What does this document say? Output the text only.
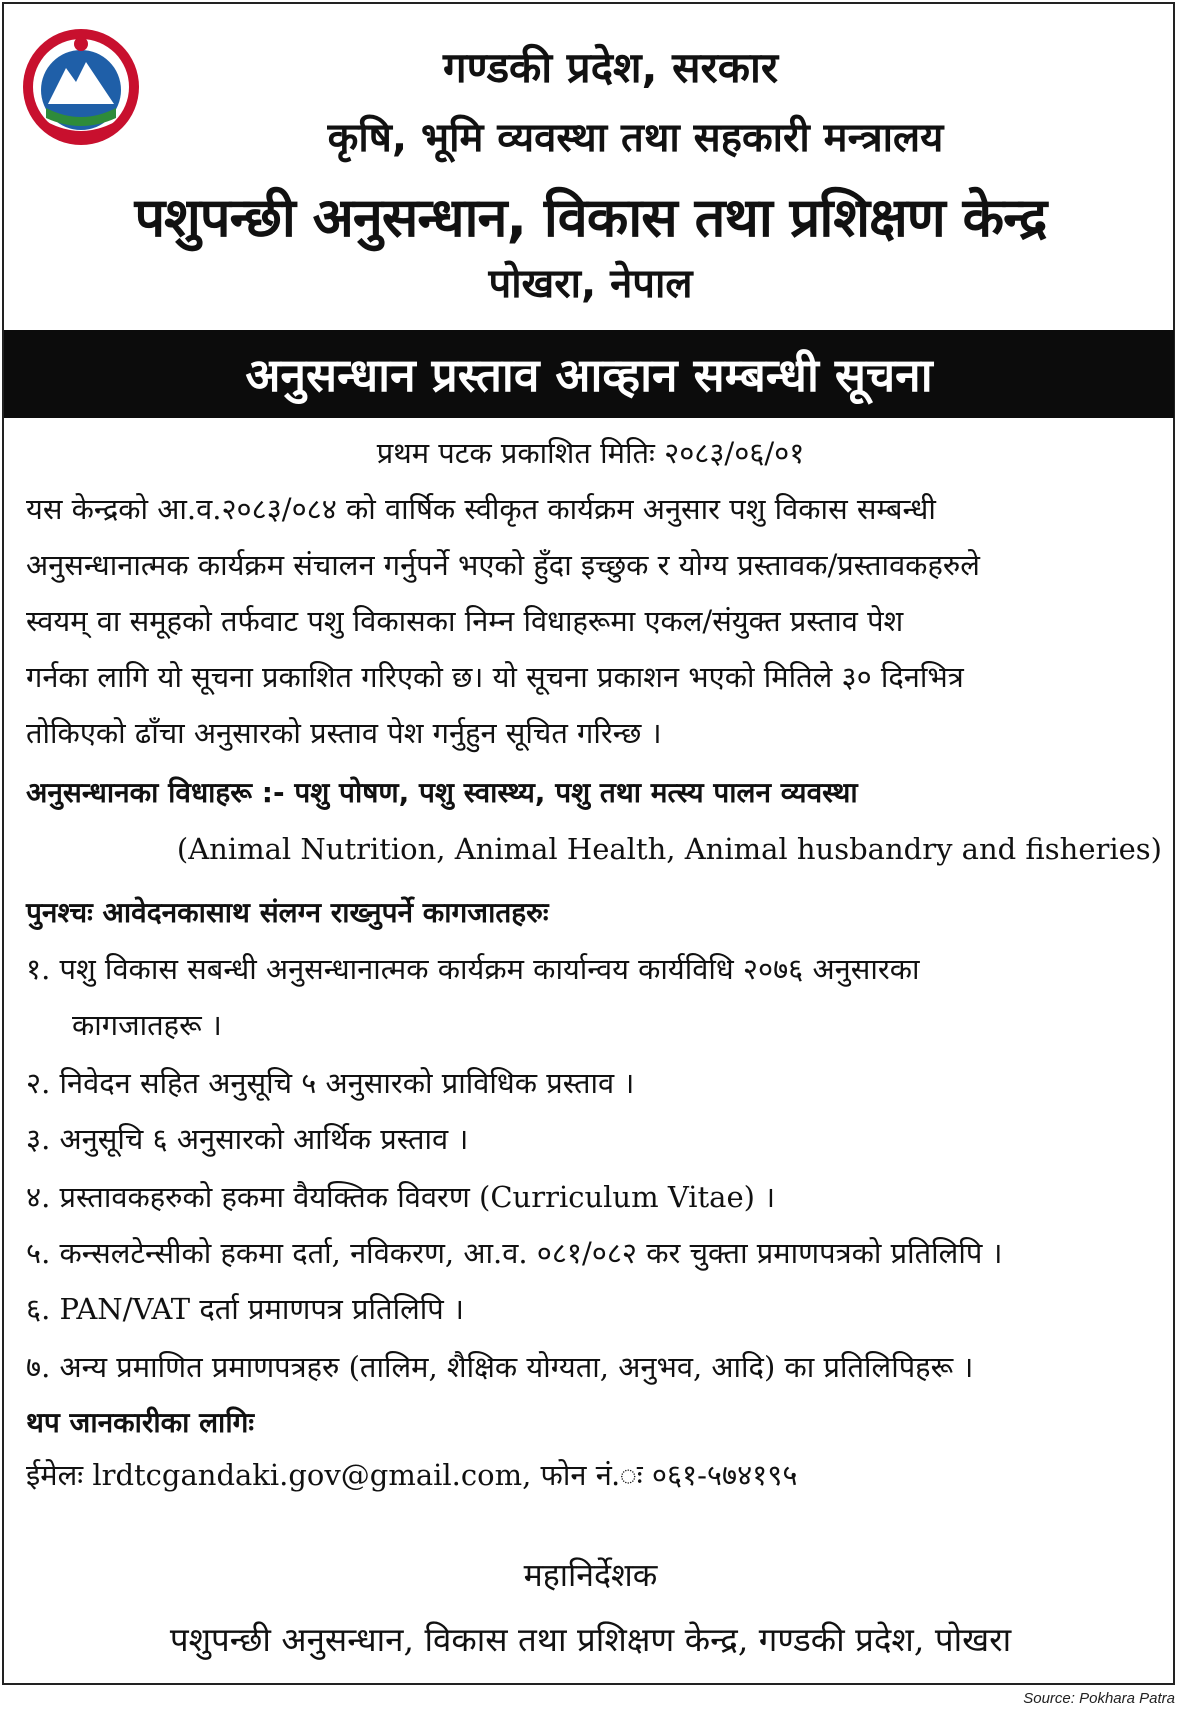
गण्डकी प्रदेश, सरकार
कृषि, भूमि व्यवस्था तथा सहकारी मन्त्रालय
पशुपन्छी अनुसन्धान, विकास तथा प्रशिक्षण केन्द्र
पोखरा, नेपाल
अनुसन्धान प्रस्ताव आव्हान सम्बन्धी सूचना
प्रथम पटक प्रकाशित मितिः २०८३/०६/०१
यस केन्द्रको आ.व.२०८३/०८४ को वार्षिक स्वीकृत कार्यक्रम अनुसार पशु विकास सम्बन्धी
अनुसन्धानात्मक कार्यक्रम संचालन गर्नुपर्ने भएको हुँदा इच्छुक र योग्य प्रस्तावक/प्रस्तावकहरुले
स्वयम् वा समूहको तर्फवाट पशु विकासका निम्न विधाहरूमा एकल/संयुक्त प्रस्ताव पेश
गर्नका लागि यो सूचना प्रकाशित गरिएको छ। यो सूचना प्रकाशन भएको मितिले ३० दिनभित्र
तोकिएको ढाँचा अनुसारको प्रस्ताव पेश गर्नुहुन सूचित गरिन्छ ।
अनुसन्धानका विधाहरू :- पशु पोषण, पशु स्वास्थ्य, पशु तथा मत्स्य पालन व्यवस्था
(Animal Nutrition, Animal Health, Animal husbandry and fisheries)
पुनश्चः आवेदनकासाथ संलग्न राख्नुपर्ने कागजातहरुः
१. पशु विकास सबन्धी अनुसन्धानात्मक कार्यक्रम कार्यान्वय कार्यविधि २०७६ अनुसारका
कागजातहरू ।
२. निवेदन सहित अनुसूचि ५ अनुसारको प्राविधिक प्रस्ताव ।
३. अनुसूचि ६ अनुसारको आर्थिक प्रस्ताव ।
४. प्रस्तावकहरुको हकमा वैयक्तिक विवरण (Curriculum Vitae) ।
५. कन्सलटेन्सीको हकमा दर्ता, नविकरण, आ.व. ०८१/०८२ कर चुक्ता प्रमाणपत्रको प्रतिलिपि ।
६. PAN/VAT दर्ता प्रमाणपत्र प्रतिलिपि ।
७. अन्य प्रमाणित प्रमाणपत्रहरु (तालिम, शैक्षिक योग्यता, अनुभव, आदि) का प्रतिलिपिहरू ।
थप जानकारीका लागिः
ईमेलः lrdtcgandaki.gov@gmail.com, फोन नं.ः ०६१-५७४१९५
महानिर्देशक
पशुपन्छी अनुसन्धान, विकास तथा प्रशिक्षण केन्द्र, गण्डकी प्रदेश, पोखरा
Source: Pokhara Patra
